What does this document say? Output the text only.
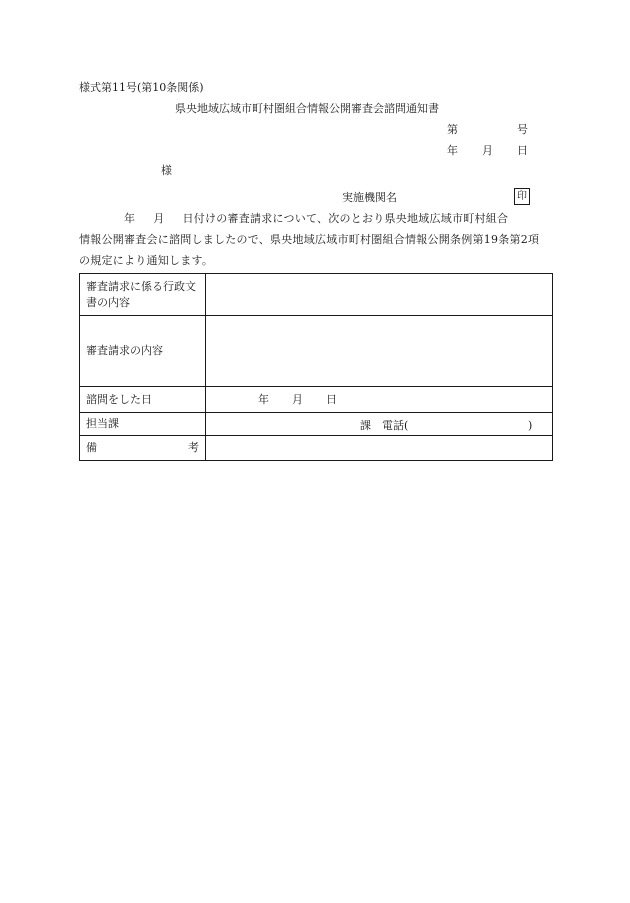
様式第11号(第10条関係)
県央地域広域市町村圏組合情報公開審査会諮問通知書
第	号
年 月 日
様
実施機関名	印
年 月 日付けの審査請求について、次のとおり県央地域広域市町村組合
情報公開審査会に諮問しましたので、県央地域広域市町村圏組合情報公開条例第19条第2項
の規定により通知します。
審査請求に係る行政文書の内容	
審査請求の内容	
諮問をした日	年 月 日
担当課	課 電話( )

備 考	
